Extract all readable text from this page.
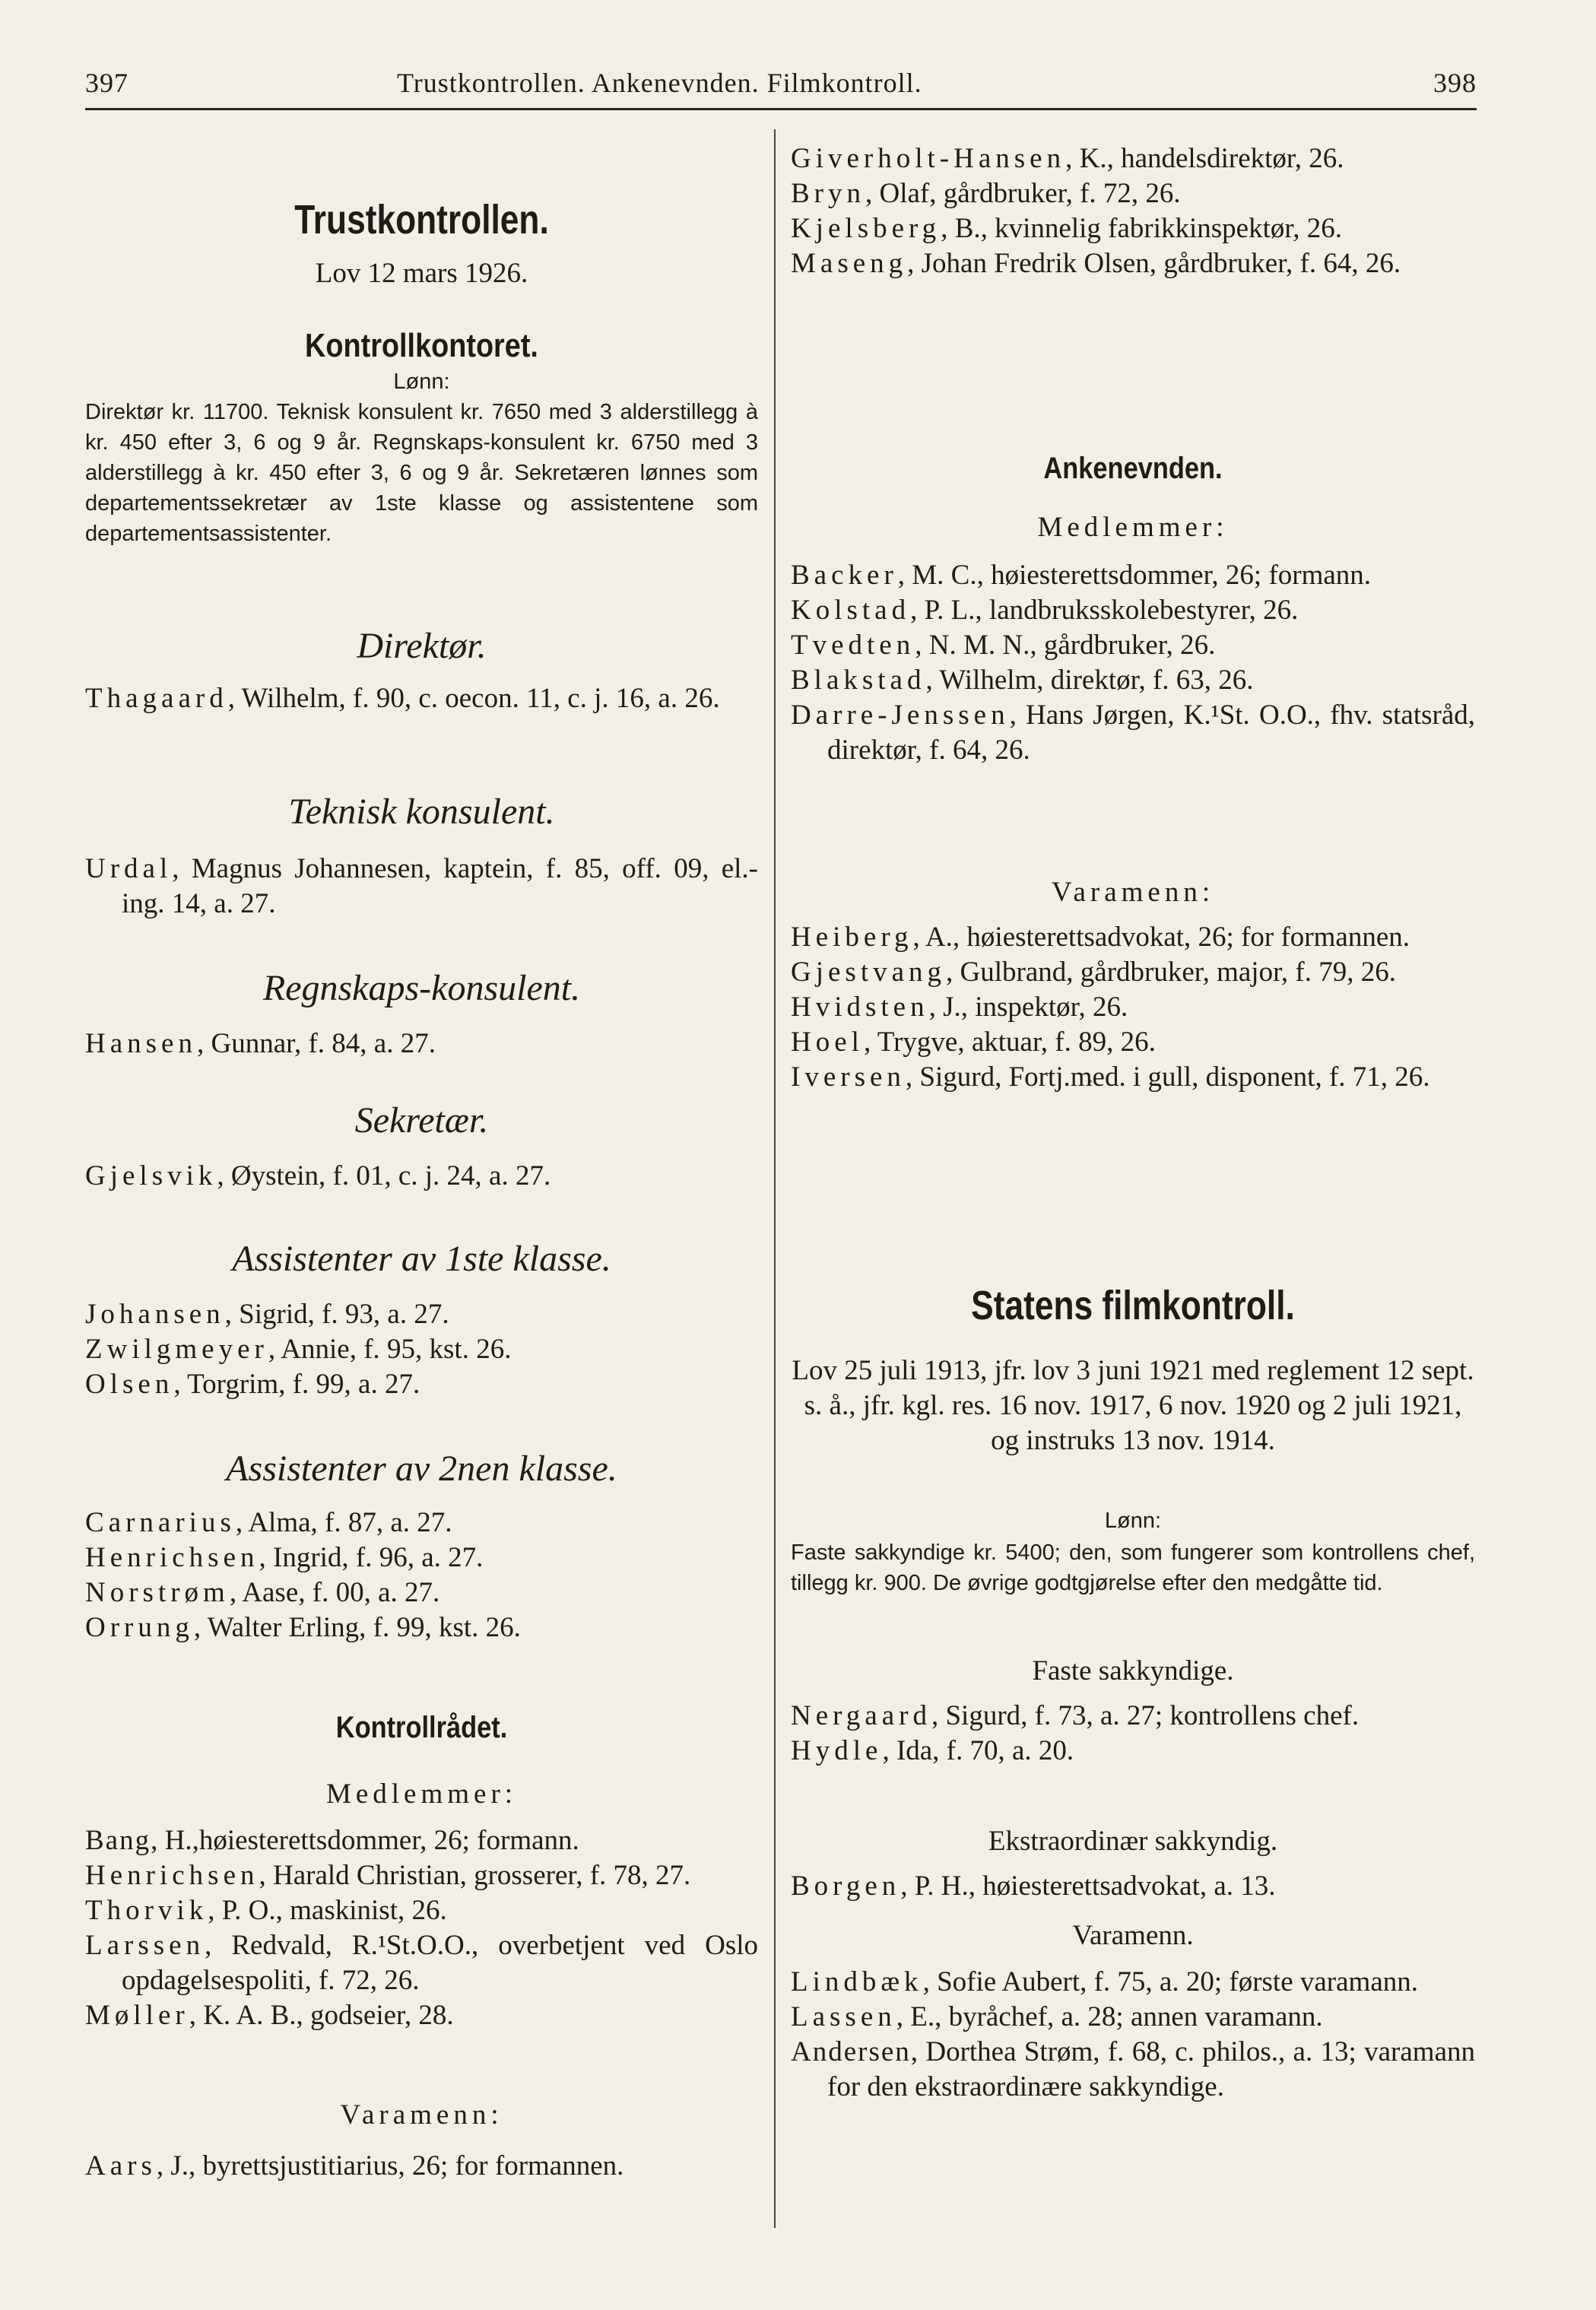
397	Trustkontrollen. Ankenevnden. Filmkontroll.	398
Trustkontrollen.
Lov 12 mars 1926.
Kontrollkontoret.
Lønn:
Direktør kr. 11700. Teknisk konsulent kr. 7650 med 3 alderstillegg à kr. 450 efter 3, 6 og 9 år. Regnskaps-konsulent kr. 6750 med 3 alderstillegg à kr. 450 efter 3, 6 og 9 år. Sekretæren lønnes som departementssekretær av 1ste klasse og assistentene som departementsassistenter.
Direktør.
Thagaard, Wilhelm, f. 90, c. oecon. 11, c. j. 16, a. 26.
Teknisk konsulent.
Urdal, Magnus Johannesen, kaptein, f. 85, off. 09, el.-ing. 14, a. 27.
Regnskaps-konsulent.
Hansen, Gunnar, f. 84, a. 27.
Sekretær.
Gjelsvik, Øystein, f. 01, c. j. 24, a. 27.
Assistenter av 1ste klasse.
Johansen, Sigrid, f. 93, a. 27.
Zwilgmeyer, Annie, f. 95, kst. 26.
Olsen, Torgrim, f. 99, a. 27.
Assistenter av 2nen klasse.
Carnarius, Alma, f. 87, a. 27.
Henrichsen, Ingrid, f. 96, a. 27.
Norstrøm, Aase, f. 00, a. 27.
Orrung, Walter Erling, f. 99, kst. 26.
Kontrollrådet.
Medlemmer:
Bang, H.,høiesterettsdommer, 26; formann.
Henrichsen, Harald Christian, grosserer, f. 78, 27.
Thorvik, P. O., maskinist, 26.
Larssen, Redvald, R.¹St.O.O., overbetjent ved Oslo opdagelsespoliti, f. 72, 26.
Møller, K. A. B., godseier, 28.
Varamenn:
Aars, J., byrettsjustitiarius, 26; for formannen.
Giverholt-Hansen, K., handelsdirektør, 26.
Bryn, Olaf, gårdbruker, f. 72, 26.
Kjelsberg, B., kvinnelig fabrikkinspektør, 26.
Maseng, Johan Fredrik Olsen, gårdbruker, f. 64, 26.
Ankenevnden.
Medlemmer:
Backer, M. C., høiesterettsdommer, 26; formann.
Kolstad, P. L., landbruksskolebestyrer, 26.
Tvedten, N. M. N., gårdbruker, 26.
Blakstad, Wilhelm, direktør, f. 63, 26.
Darre-Jenssen, Hans Jørgen, K.¹St. O.O., fhv. statsråd, direktør, f. 64, 26.
Varamenn:
Heiberg, A., høiesterettsadvokat, 26; for formannen.
Gjestvang, Gulbrand, gårdbruker, major, f. 79, 26.
Hvidsten, J., inspektør, 26.
Hoel, Trygve, aktuar, f. 89, 26.
Iversen, Sigurd, Fortj.med. i gull, disponent, f. 71, 26.
Statens filmkontroll.
Lov 25 juli 1913, jfr. lov 3 juni 1921 med reglement 12 sept. s. å., jfr. kgl. res. 16 nov. 1917, 6 nov. 1920 og 2 juli 1921, og instruks 13 nov. 1914.
Lønn:
Faste sakkyndige kr. 5400; den, som fungerer som kontrollens chef, tillegg kr. 900. De øvrige godtgjørelse efter den medgåtte tid.
Faste sakkyndige.
Nergaard, Sigurd, f. 73, a. 27; kontrollens chef.
Hydle, Ida, f. 70, a. 20.
Ekstraordinær sakkyndig.
Borgen, P. H., høiesterettsadvokat, a. 13.
Varamenn.
Lindbæk, Sofie Aubert, f. 75, a. 20; første varamann.
Lassen, E., byråchef, a. 28; annen varamann.
Andersen, Dorthea Strøm, f. 68, c. philos., a. 13; varamann for den ekstraordinære sakkyndige.
